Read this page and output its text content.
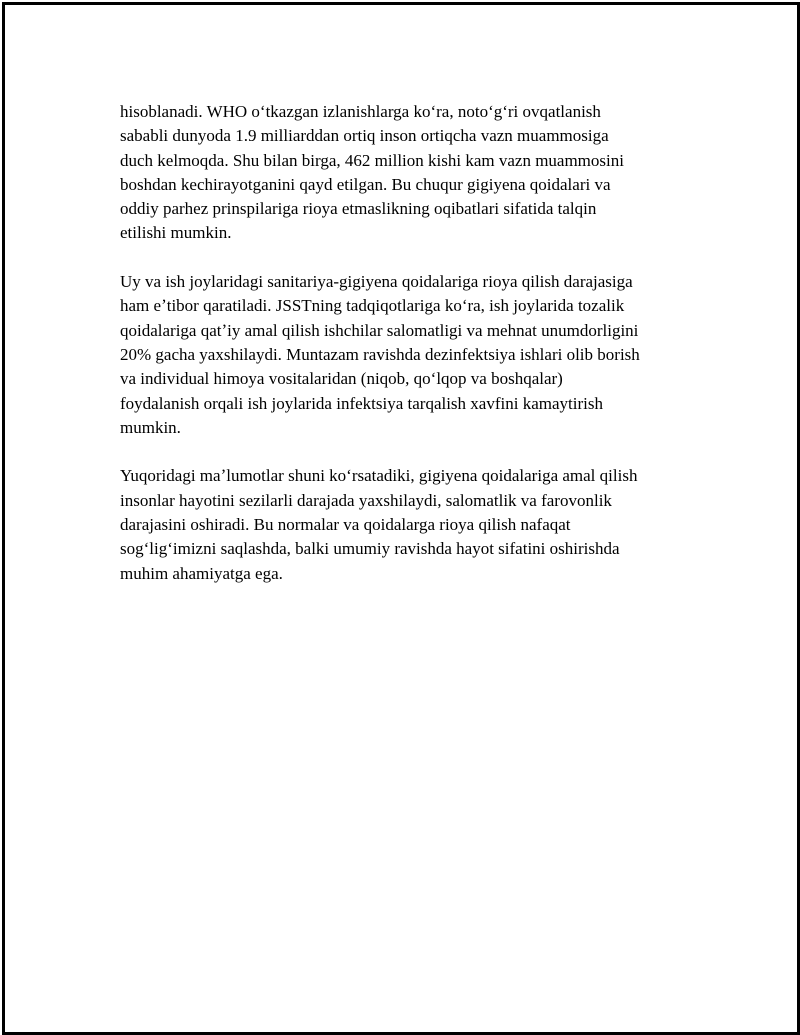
hisoblanadi. WHO oʻtkazgan izlanishlarga koʻra, notoʻgʻri ovqatlanish
sababli dunyoda 1.9 milliarddan ortiq inson ortiqcha vazn muammosiga
duch kelmoqda. Shu bilan birga, 462 million kishi kam vazn muammosini
boshdan kechirayotganini qayd etilgan. Bu chuqur gigiyena qoidalari va
oddiy parhez prinspilariga rioya etmaslikning oqibatlari sifatida talqin
etilishi mumkin.

Uy va ish joylaridagi sanitariya-gigiyena qoidalariga rioya qilish darajasiga
ham eʼtibor qaratiladi. JSSTning tadqiqotlariga koʻra, ish joylarida tozalik
qoidalariga qatʼiy amal qilish ishchilar salomatligi va mehnat unumdorligini
20% gacha yaxshilaydi. Muntazam ravishda dezinfektsiya ishlari olib borish
va individual himoya vositalaridan (niqob, qoʻlqop va boshqalar)
foydalanish orqali ish joylarida infektsiya tarqalish xavfini kamaytirish
mumkin.

Yuqoridagi maʼlumotlar shuni koʻrsatadiki, gigiyena qoidalariga amal qilish
insonlar hayotini sezilarli darajada yaxshilaydi, salomatlik va farovonlik
darajasini oshiradi. Bu normalar va qoidalarga rioya qilish nafaqat
sogʻligʻimizni saqlashda, balki umumiy ravishda hayot sifatini oshirishda
muhim ahamiyatga ega.
